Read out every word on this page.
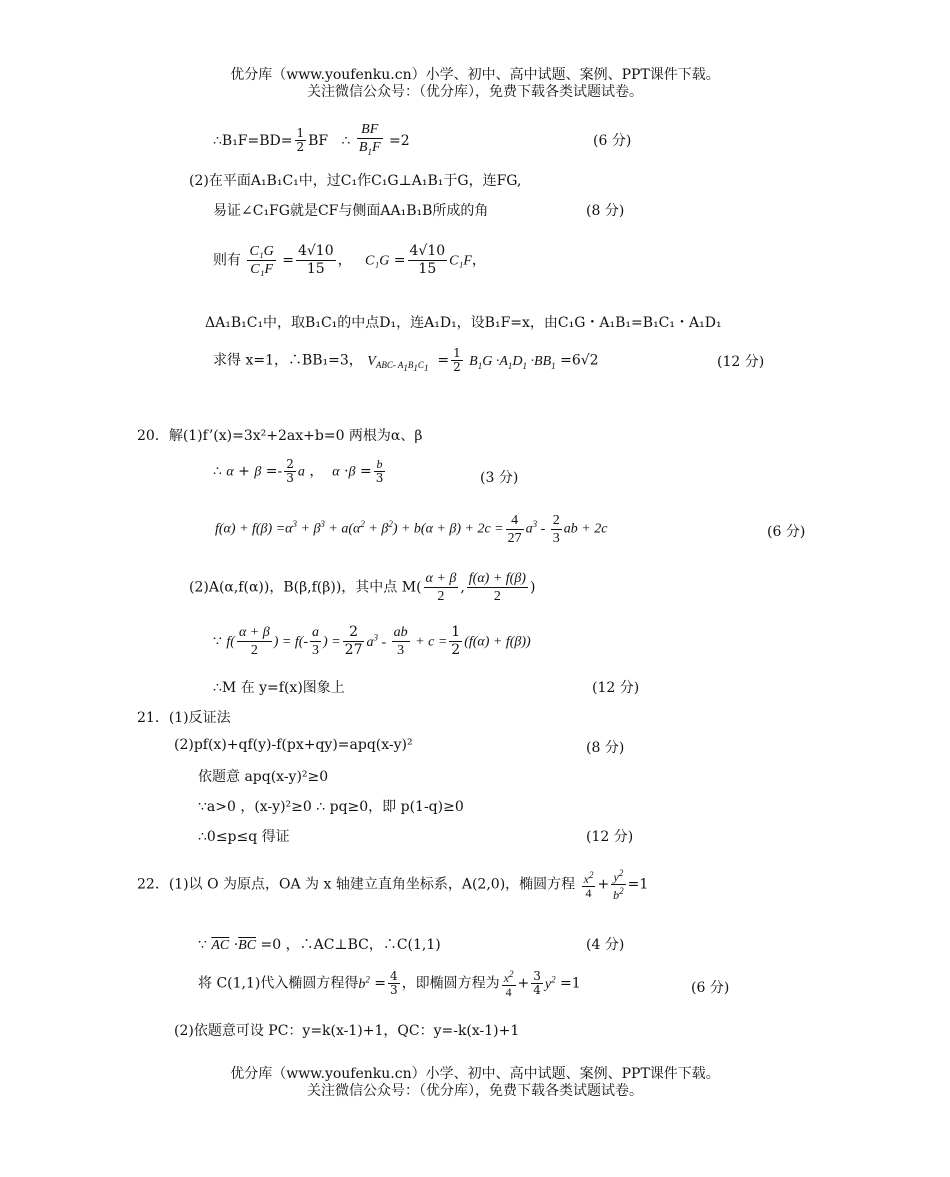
优分库（www.youfenku.cn）小学、初中、高中试题、案例、PPT课件下载。
关注微信公众号：（优分库），免费下载各类试题试卷。
∴B₁F=BD= $\frac{1}{2}$ BF ∴ $\frac{BF}{B_1F} =2$	(6 分)
(2)在平面A₁B₁C₁中，过C₁作C₁G⊥A₁B₁于G，连FG,
易证∠C₁FG就是CF与侧面AA₁B₁B所成的角	(8 分)
则有 $\frac{\text{C₁G}}{\text{C₁F}} = \frac{4√10}{15}$ ，   $C_1G = \frac{4√10}{15} C_1F$，
ΔA₁B₁C₁中，取B₁C₁的中点D₁，连A₁D₁，设B₁F=x，由C₁G・A₁B₁=B₁C₁・A₁D₁
求得 x=1，∴BB₁=3， $V_{ABC- A_1B_1C_1} = \frac{1}{2} B_1G \cdot A_1D_1 \cdot BB_1 =6√2$	(12 分)
20．解(1)f’(x)=3x²+2ax+b=0 两根为α、β
∴ $\alpha + \beta =- \frac{2}{3}$ a ，  $\alpha \cdot\beta = \frac{b}{3}$	(3 分)
$f(\alpha) + f(\beta) =\alpha^3 + \beta^3 + a(\alpha^2 + \beta^2) + b(\alpha + \beta) + 2c = \frac{4}{27} a^3 - \frac{2}{3}$ ab + 2c	(6 分)
(2)A(α,f(α))，B(β,f(β))，其中点 $M( \frac{\alpha + \beta}{2}$ , $\frac{f(\alpha) + f(\beta)}{2}$ )
∵ $f( \frac{\alpha + \beta}{2}$ ) = $f(- \frac{a}{3}$ ) = $\frac{2}{27} a^3 - \frac{ab}{3} + c = \frac{1}{2} (f(\alpha) + f(\beta))$
∴M 在 y=f(x)图象上	(12 分)
21．(1)反证法
(2)pf(x)+qf(y)-f(px+qy)=apq(x-y)²	(8 分)
依题意 apq(x-y)²≥0
∵a>0 ，(x-y)²≥0 ∴ pq≥0，即 p(1-q)≥0
∴0≤p≤q 得证	(12 分)
22．(1)以 O 为原点，OA 为 x 轴建立直角坐标系，A(2,0)，椭圆方程 $\frac{x^2}{4} + \frac{y^2}{b^2} =1$
∵ $\overline{AC} \cdot\overline{BC} =0$ ，∴AC⊥BC，∴C(1,1)	(4 分)
将 C(1,1)代入椭圆方程得$b^2 = \frac{4}{3}$ ，即椭圆方程为 $\frac{x^2}{4} + \frac{3}{4} y^2 =1$	(6 分)
(2)依题意可设 PC：y=k(x-1)+1，QC：y=-k(x-1)+1
优分库（www.youfenku.cn）小学、初中、高中试题、案例、PPT课件下载。
关注微信公众号：（优分库），免费下载各类试题试卷。
